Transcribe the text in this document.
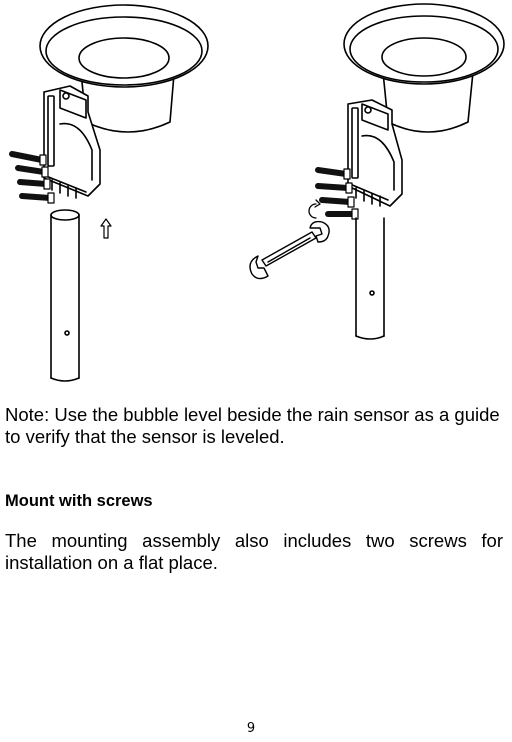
Note: Use the bubble level beside the rain sensor as a guide to verify that the sensor is leveled.

Mount with screws

The mounting assembly also includes two screws for installation on a flat place.

9
